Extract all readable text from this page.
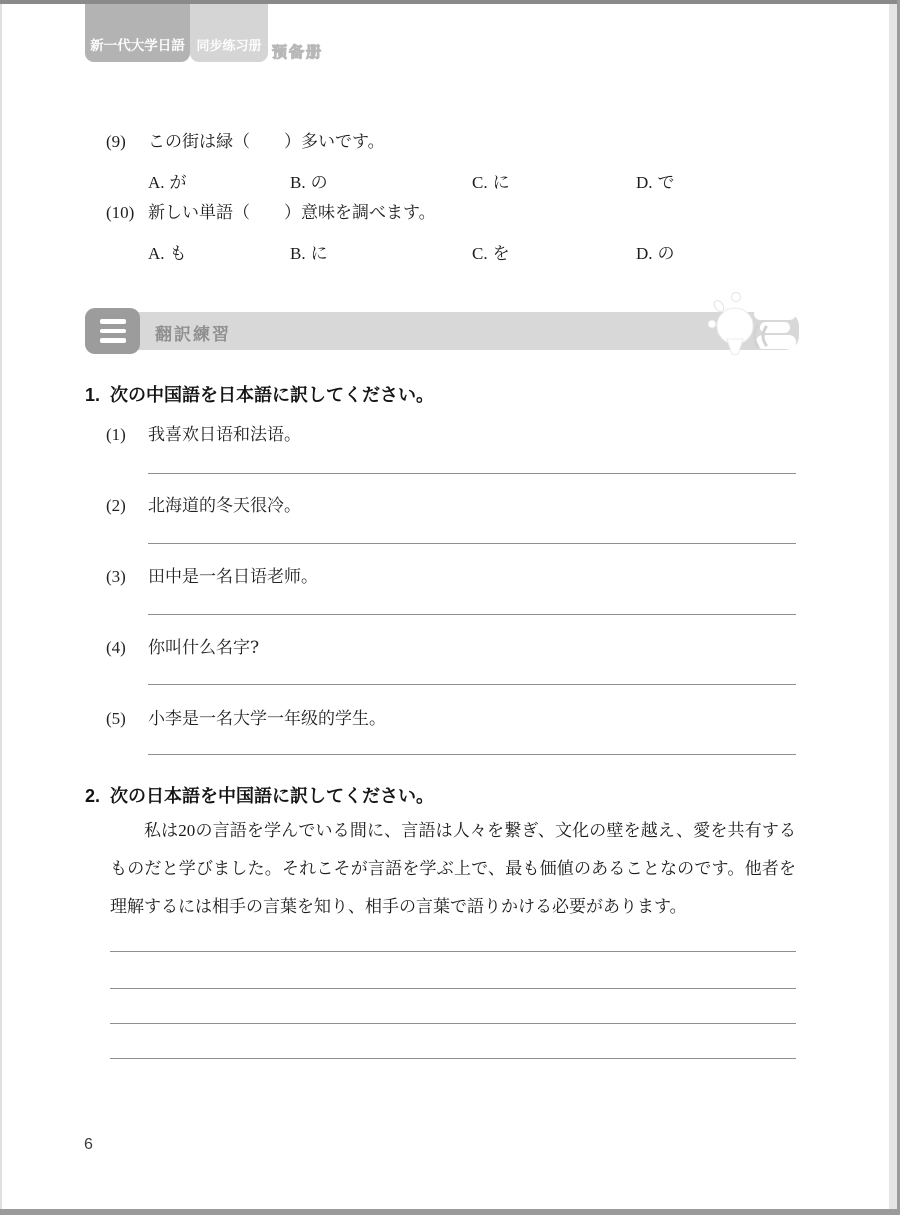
新一代大学日語 同步练习册 预备册
(9) この街は緑（　　）多いです。
A. が	B. の	C. に	D. で
(10) 新しい単語（　　）意味を調べます。
A. も	B. に	C. を	D. の
翻訳練習
1. 次の中国語を日本語に訳してください。
(1) 我喜欢日语和法语。
(2) 北海道的冬天很冷。
(3) 田中是一名日语老师。
(4) 你叫什么名字?
(5) 小李是一名大学一年级的学生。
2. 次の日本語を中国語に訳してください。
私は20の言語を学んでいる間に、言語は人々を繋ぎ、文化の壁を越え、愛を共有するものだと学びました。それこそが言語を学ぶ上で、最も価値のあることなのです。他者を理解するには相手の言葉を知り、相手の言葉で語りかける必要があります。
6
